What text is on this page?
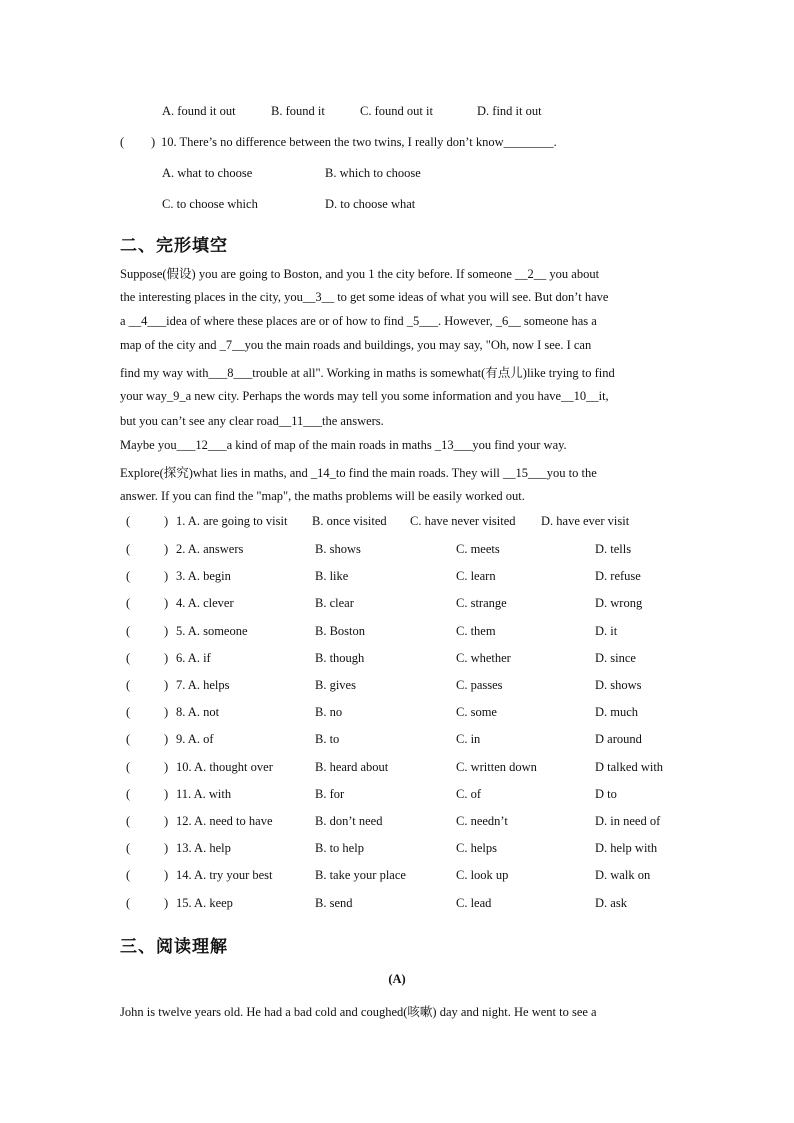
A. found it out	B. found it	C. found out it	D. find it out
( ) 10. There’s no difference between the two twins, I really don’t know________.
A. what to choose	B. which to choose
C. to choose which	D. to choose what
二、完形填空
Suppose(假设) you are going to Boston, and you 1 the city before. If someone __2__ you about
the interesting places in the city, you__3__ to get some ideas of what you will see. But don’t have
a __4___idea of where these places are or of how to find _5___. However, _6__ someone has a
map of the city and _7__you the main roads and buildings, you may say, "Oh, now I see. I can
find my way with___8___trouble at all". Working in maths is somewhat(有点儿)like trying to find
your way_9_a new city. Perhaps the words may tell you some information and you have__10__it,
but you can’t see any clear road__11___the answers.
Maybe you___12___a kind of map of the main roads in maths _13___you find your way.
Explore(探究)what lies in maths, and _14_to find the main roads. They will __15___you to the
answer. If you can find the "map", the maths problems will be easily worked out.
(	) 1. A. are going to visit B. once visited C. have never visited D. have ever visit
(	) 2. A. answers	B. shows	C. meets	D. tells
(	) 3. A. begin	B. like	C. learn	D. refuse
(	) 4. A. clever	B. clear	C. strange	D. wrong
(	) 5. A. someone	B. Boston	C. them	D. it
(	) 6. A. if	B. though	C. whether	D. since
(	) 7. A. helps	B. gives	C. passes	D. shows
(	) 8. A. not	B. no	C. some	D. much
(	) 9. A. of	B. to	C. in	D around
(	) 10. A. thought over	B. heard about	C. written down	D talked with
(	) 11. A. with	B. for	C. of	D to
(	) 12. A. need to have	B. don’t need	C. needn’t	D. in need of
(	) 13. A. help	B. to help	C. helps	D. help with
(	) 14. A. try your best	B. take your place	C. look up	D. walk on
(	) 15. A. keep	B. send	C. lead	D. ask
三、阅读理解
(A)
John is twelve years old. He had a bad cold and coughed(咳嗽) day and night. He went to see a
